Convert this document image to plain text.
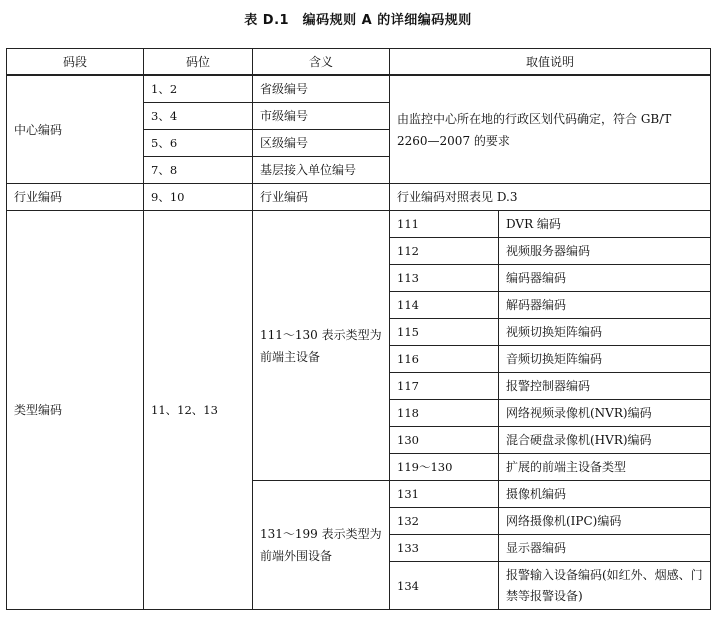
表 D.1　编码规则 A 的详细编码规则
码段	码位	含义	取值说明	
中心编码	1、2	省级编号	由监控中心所在地的行政区划代码确定，符合 GB/T 2260—2007 的要求	
	3、4	市级编号		
	5、6	区级编号		
	7、8	基层接入单位编号		
行业编码	9、10	行业编码	行业编码对照表见 D.3	
类型编码	11、12、13	111～130 表示类型为前端主设备	111	DVR 编码
			112	视频服务器编码
			113	编码器编码
			114	解码器编码
			115	视频切换矩阵编码
			116	音频切换矩阵编码
			117	报警控制器编码
			118	网络视频录像机(NVR)编码
			130	混合硬盘录像机(HVR)编码
			119～130	扩展的前端主设备类型
		131～199 表示类型为前端外围设备	131	摄像机编码
			132	网络摄像机(IPC)编码
			133	显示器编码
			134	报警输入设备编码(如红外、烟感、门禁等报警设备)
